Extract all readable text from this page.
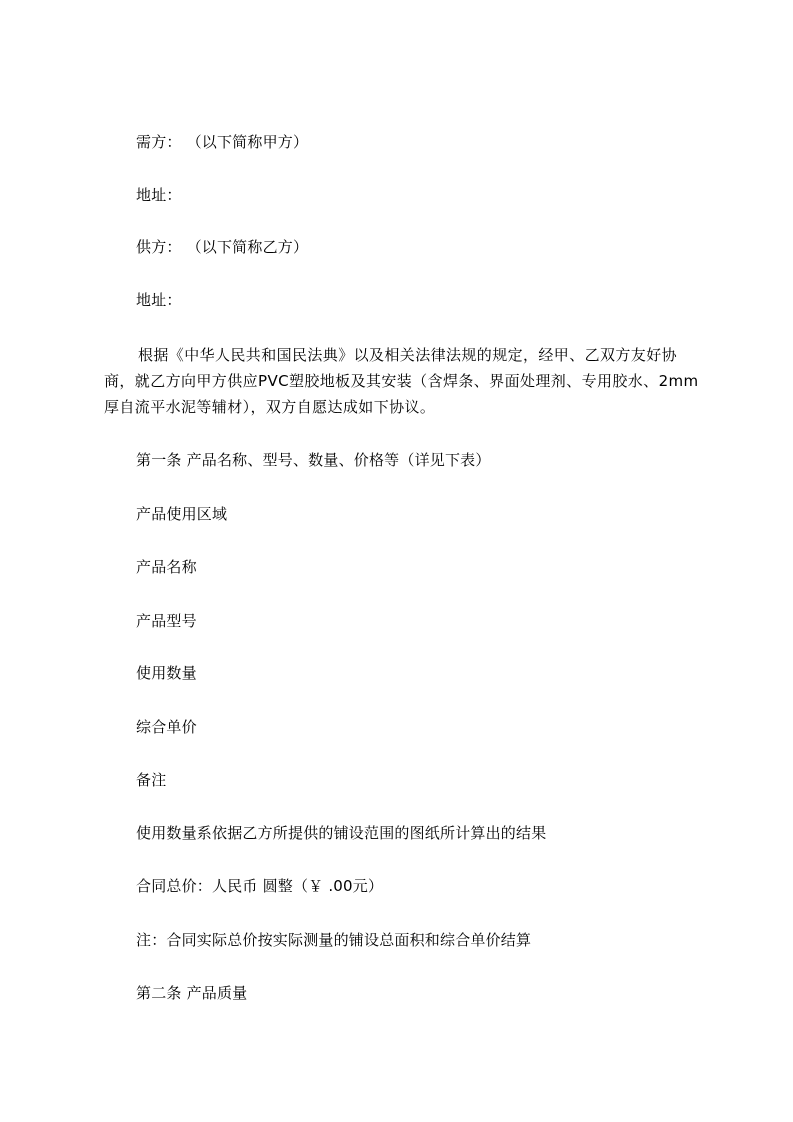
需方： （以下简称甲方）
地址：
供方： （以下简称乙方）
地址：
根据《中华人民共和国民法典》以及相关法律法规的规定，经甲、乙双方友好协商，就乙方向甲方供应PVC塑胶地板及其安装（含焊条、界面处理剂、专用胶水、2mm厚自流平水泥等辅材），双方自愿达成如下协议。
第一条 产品名称、型号、数量、价格等（详见下表）
产品使用区域
产品名称
产品型号
使用数量
综合单价
备注
使用数量系依据乙方所提供的铺设范围的图纸所计算出的结果
合同总价：人民币 圆整（￥ .00元）
注：合同实际总价按实际测量的铺设总面积和综合单价结算
第二条 产品质量
